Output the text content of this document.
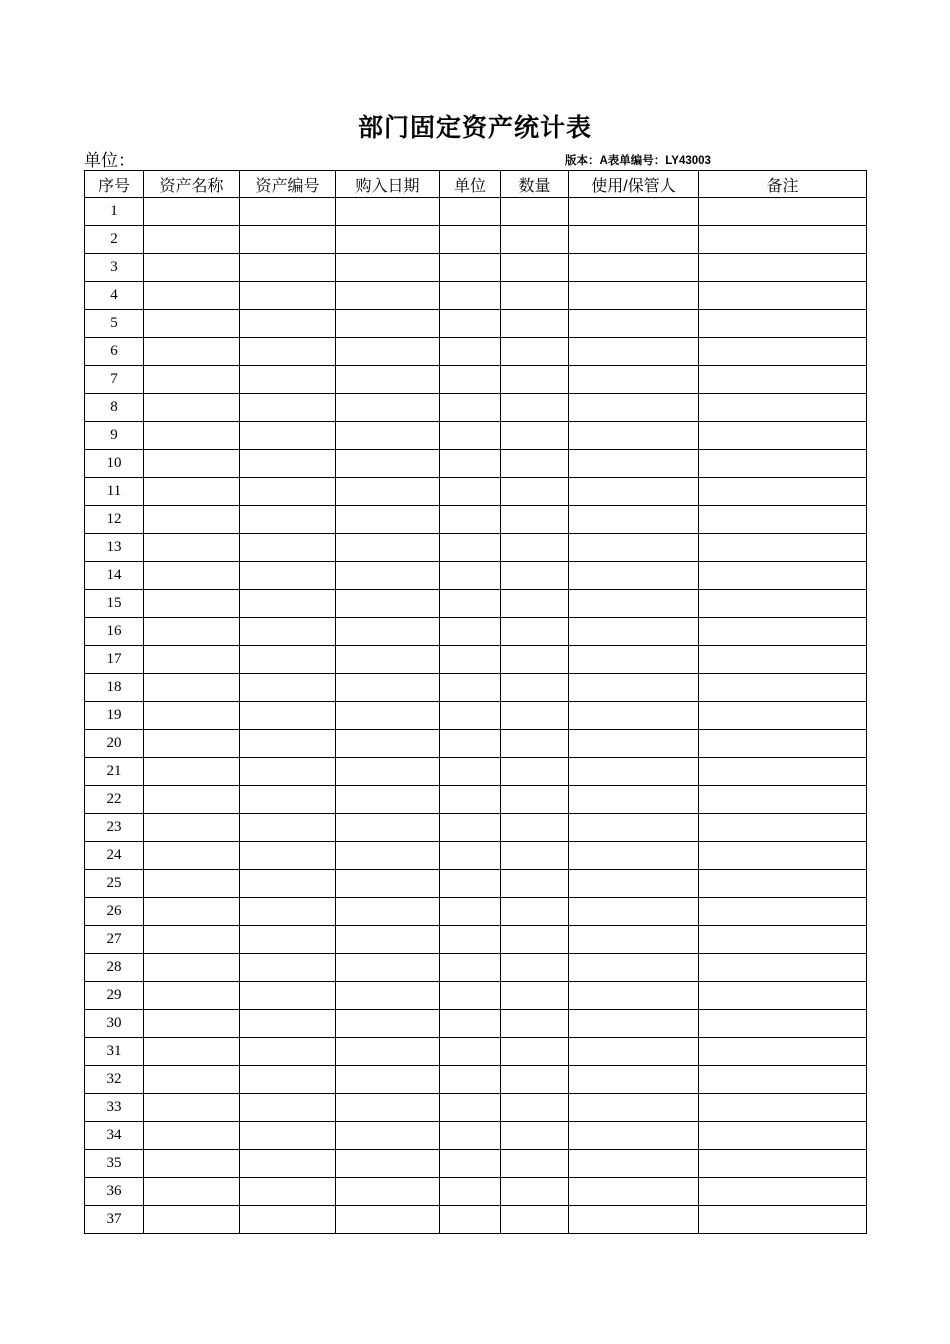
部门固定资产统计表
单位：	版本：A表单编号：LY43003
序号	资产名称	资产编号	购入日期	单位	数量	使用/保管人	备注
1							
2							
3							
4							
5							
6							
7							
8							
9							
10							
11							
12							
13							
14							
15							
16							
17							
18							
19							
20							
21							
22							
23							
24							
25							
26							
27							
28							
29							
30							
31							
32							
33							
34							
35							
36							
37							
